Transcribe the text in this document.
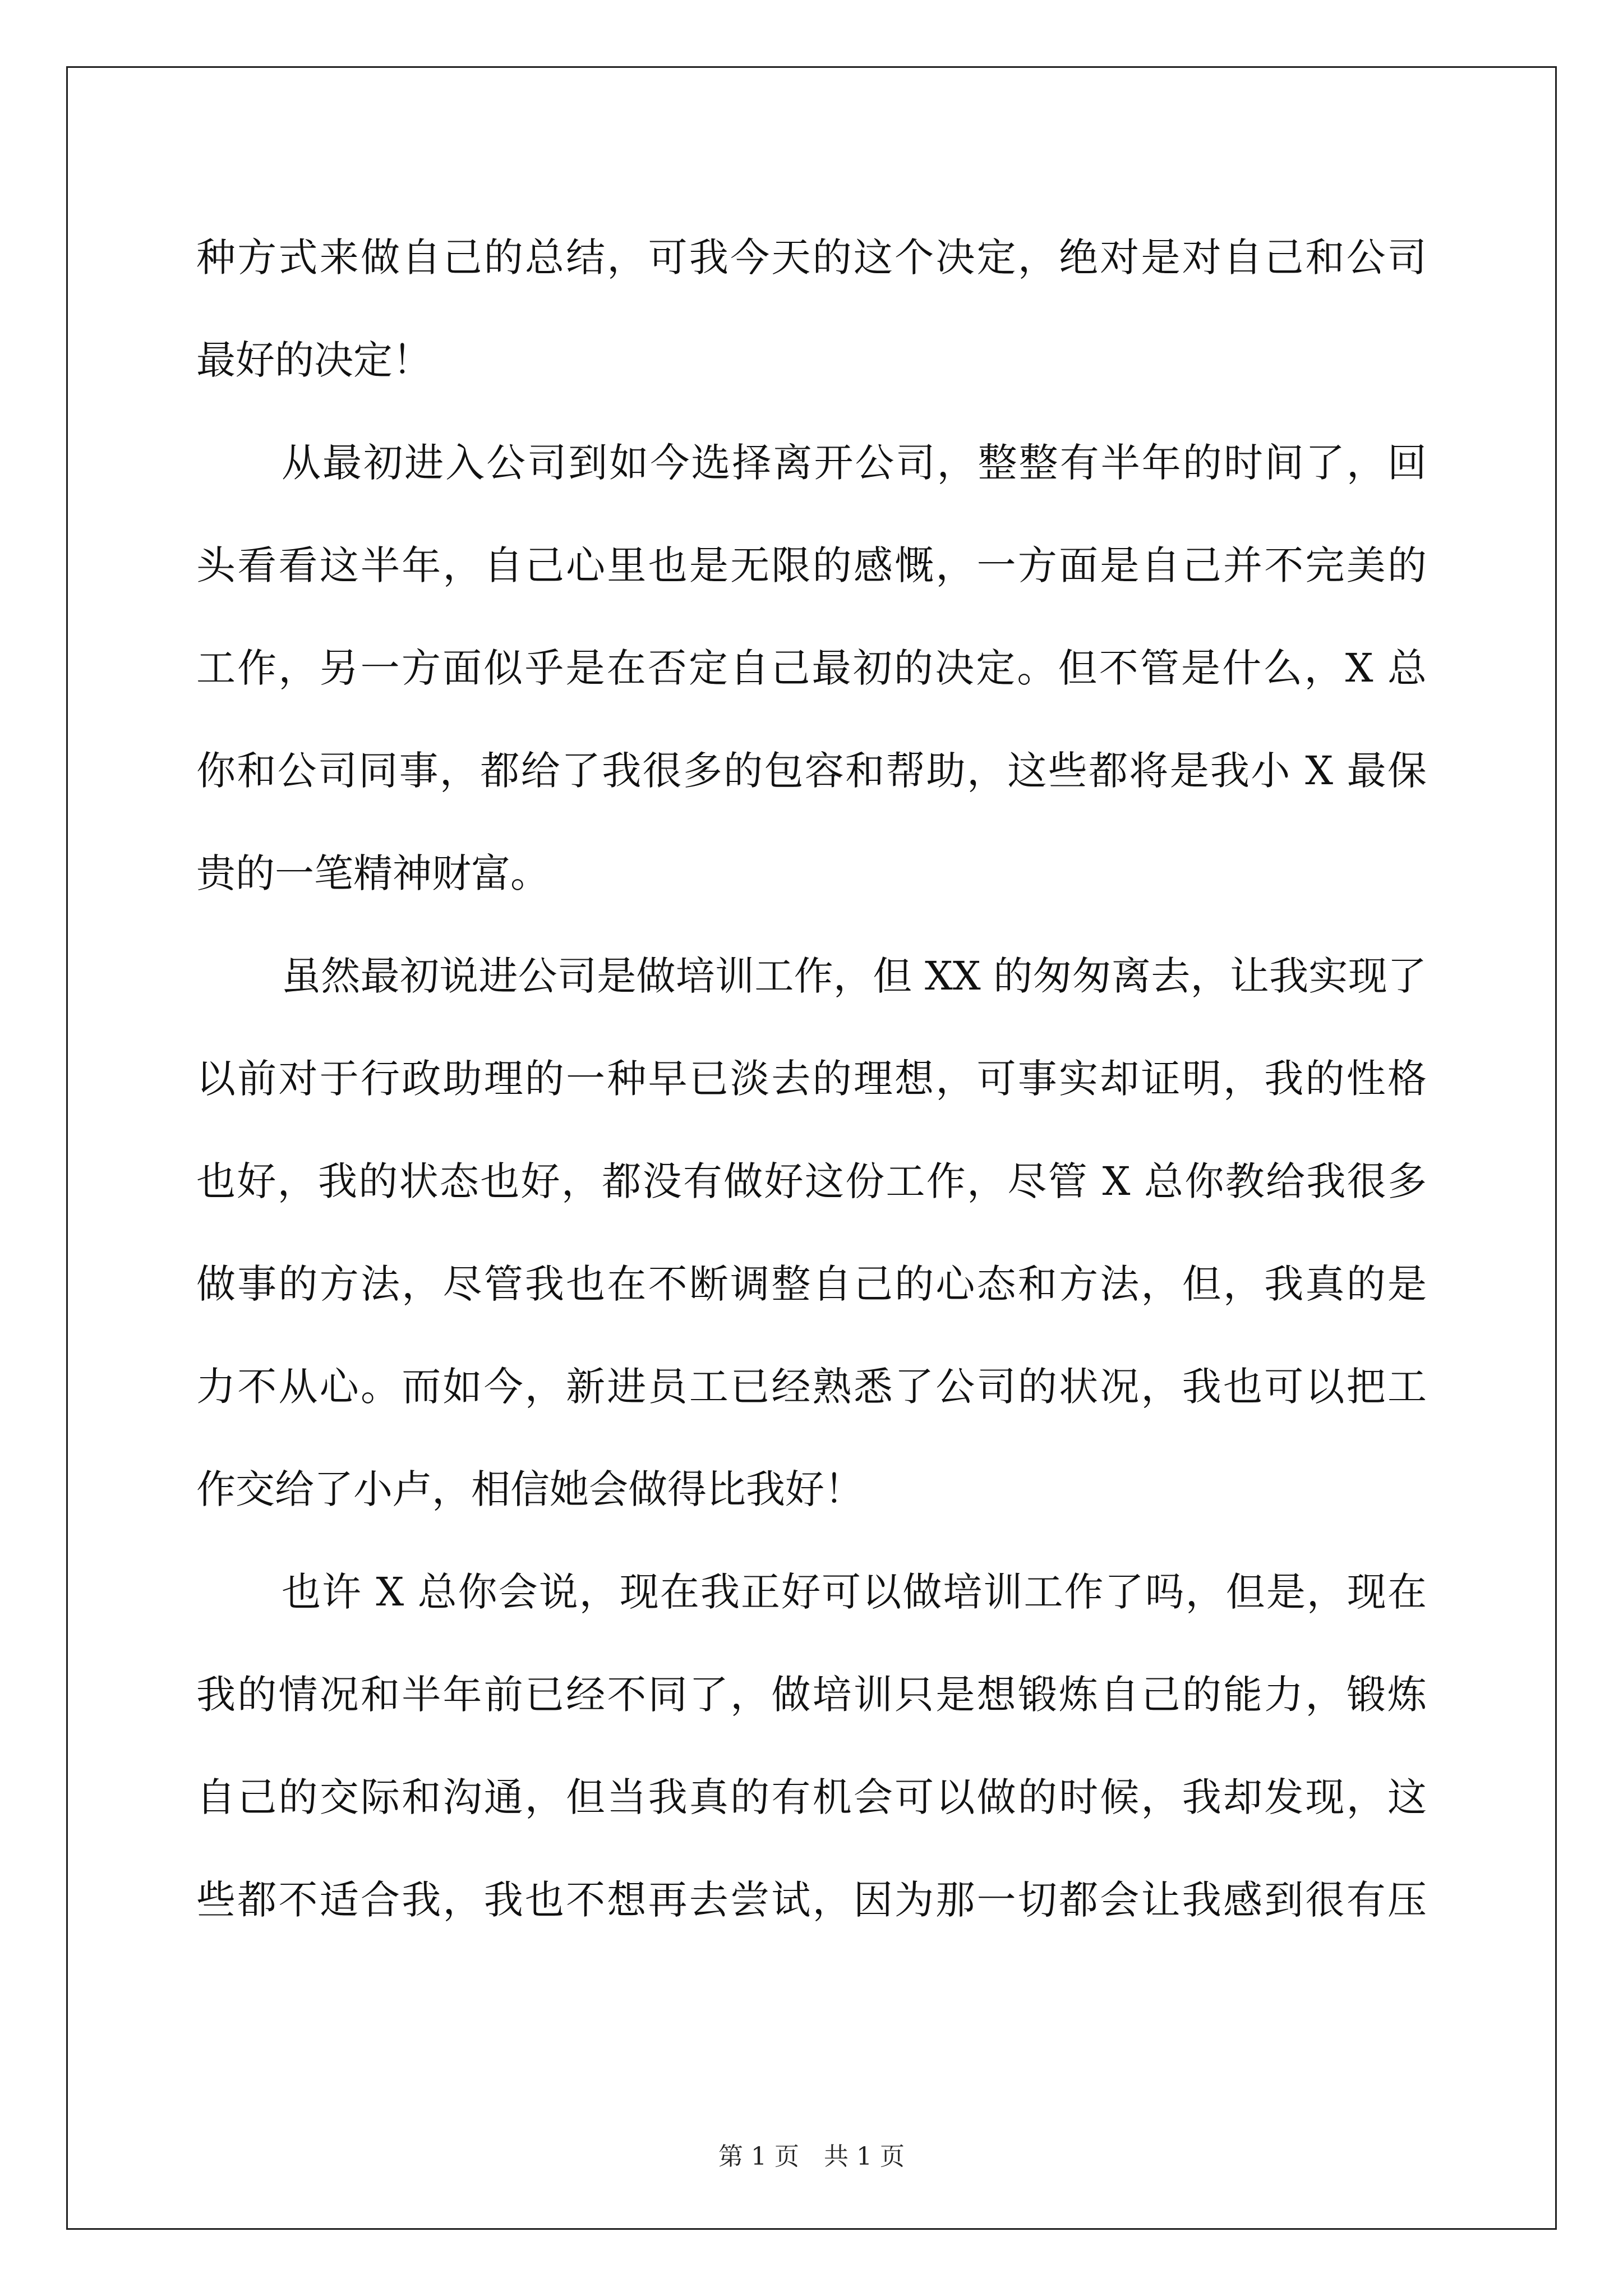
种方式来做自己的总结，可我今天的这个决定，绝对是对自己和公司
最好的决定！
从最初进入公司到如今选择离开公司，整整有半年的时间了，回
头看看这半年，自己心里也是无限的感慨，一方面是自己并不完美的
工作，另一方面似乎是在否定自己最初的决定。但不管是什么，X 总
你和公司同事，都给了我很多的包容和帮助，这些都将是我小 X 最保
贵的一笔精神财富。
虽然最初说进公司是做培训工作，但 XX 的匆匆离去，让我实现了
以前对于行政助理的一种早已淡去的理想，可事实却证明，我的性格
也好，我的状态也好，都没有做好这份工作，尽管 X 总你教给我很多
做事的方法，尽管我也在不断调整自己的心态和方法，但，我真的是
力不从心。而如今，新进员工已经熟悉了公司的状况，我也可以把工
作交给了小卢，相信她会做得比我好！
也许 X 总你会说，现在我正好可以做培训工作了吗，但是，现在
我的情况和半年前已经不同了，做培训只是想锻炼自己的能力，锻炼
自己的交际和沟通，但当我真的有机会可以做的时候，我却发现，这
些都不适合我，我也不想再去尝试，因为那一切都会让我感到很有压
第 1 页　共 1 页
